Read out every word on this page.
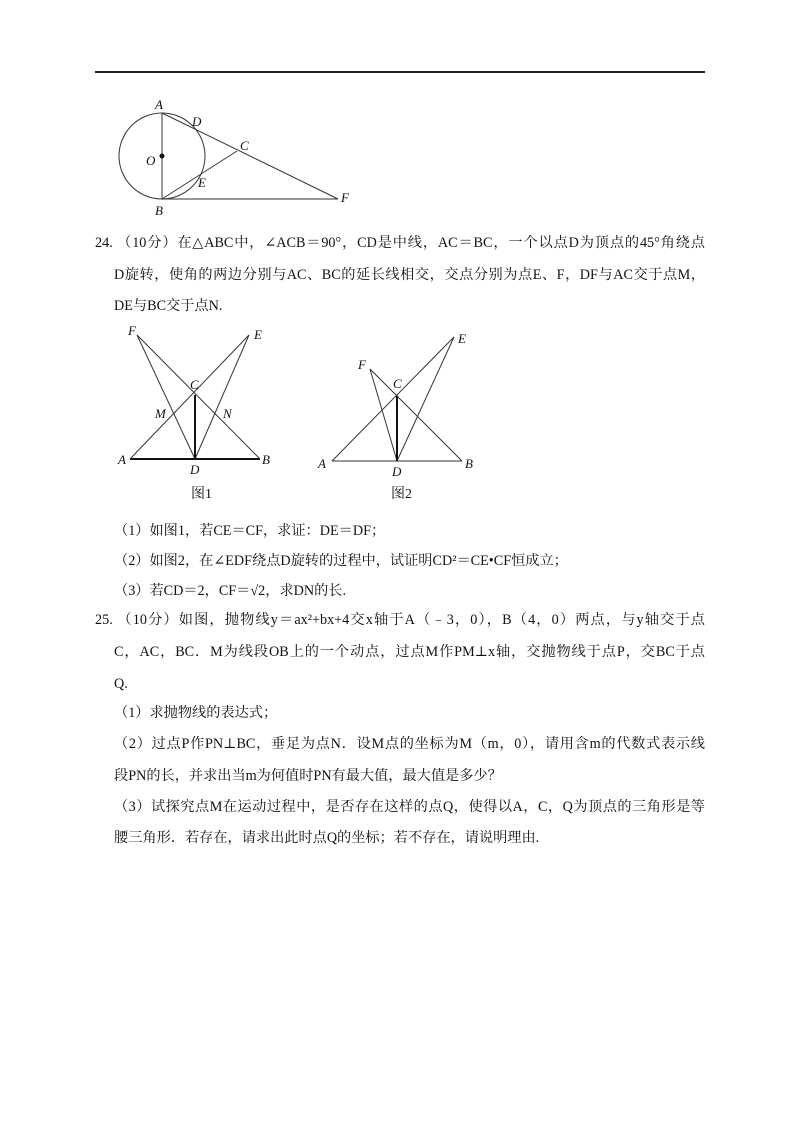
A
D
C
O
E
B
F
F	E
C
M	N
A
D
B
图1
F
E
C
A
D
B
图2
24. （10分）在△ABC中，∠ACB＝90°，CD是中线，AC＝BC，一个以点D为顶点的45°角绕点
D旋转，使角的两边分别与AC、BC的延长线相交，交点分别为点E、F，DF与AC交于点M，
DE与BC交于点N.
（1）如图1，若CE＝CF，求证：DE＝DF；
（2）如图2，在∠EDF绕点D旋转的过程中，试证明CD²＝CE•CF恒成立；
（3）若CD＝2，CF＝√2，求DN的长.
25. （10分）如图，抛物线y＝ax²+bx+4交x轴于A（﹣3，0），B（4，0）两点，与y轴交于点
C，AC，BC．M为线段OB上的一个动点，过点M作PM⊥x轴，交抛物线于点P，交BC于点
Q.
（1）求抛物线的表达式；
（2）过点P作PN⊥BC，垂足为点N．设M点的坐标为M（m，0），请用含m的代数式表示线
段PN的长，并求出当m为何值时PN有最大值，最大值是多少？
（3）试探究点M在运动过程中，是否存在这样的点Q，使得以A，C，Q为顶点的三角形是等
腰三角形．若存在，请求出此时点Q的坐标；若不存在，请说明理由.
